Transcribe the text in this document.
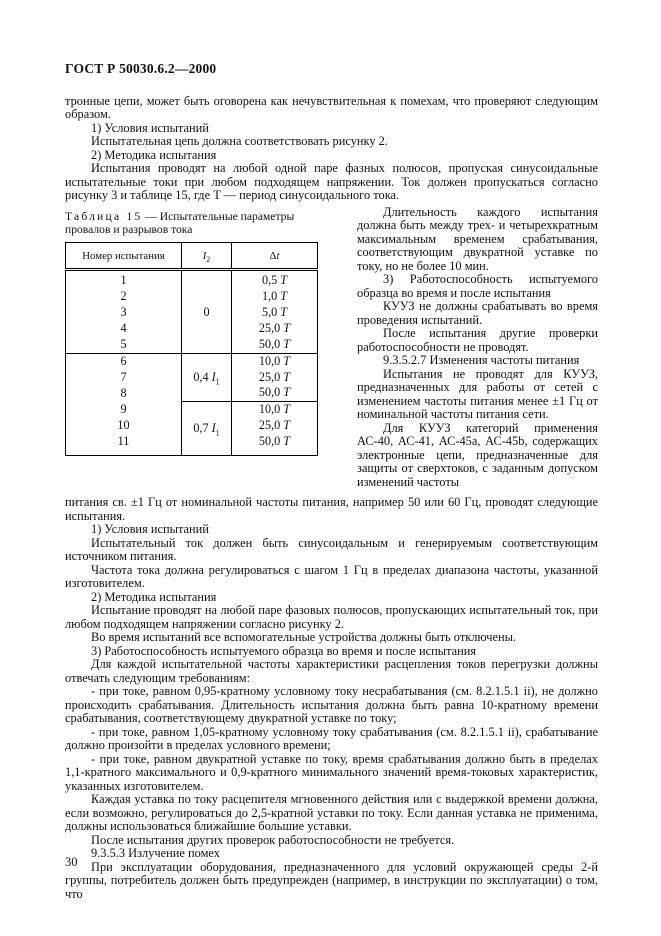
ГОСТ Р 50030.6.2—2000

тронные цепи, может быть оговорена как нечувствительная к помехам, что проверяют следующим образом.

1) Условия испытаний

Испытательная цепь должна соответствовать рисунку 2.

2) Методика испытания

Испытания проводят на любой одной паре фазных полюсов, пропуская синусоидальные испытательные токи при любом подходящем напряжении. Ток должен пропускаться согласно рисунку 3 и таблице 15, где T — период синусоидального тока.

Таблица 15 — Испытательные параметры провалов и разрывов тока

Номер испытания	$I_2$	Δt
1	0	0,5 T
2		1,0 T
3		5,0 T
4		25,0 T
5		50,0 T
6	0,4 $I_1$	10,0 T
7		25,0 T
8		50,0 T
9	0,7 $I_1$	10,0 T
10		25,0 T
11		50,0 T

Длительность каждого испытания должна быть между трех- и четырехкратным максимальным временем срабатывания, соответствующим двукратной уставке по току, но не более 10 мин.

3) Работоспособность испытуемого образца во время и после испытания

КУУЗ не должны срабатывать во время проведения испытаний.

После испытания другие проверки работоспособности не проводят.

9.3.5.2.7 Изменения частоты питания

Испытания не проводят для КУУЗ, предназначенных для работы от сетей с изменением частоты питания менее ±1 Гц от номинальной частоты питания сети.

Для КУУЗ категорий применения АС-40, АС-41, АС-45а, АС-45b, содержащих электронные цепи, предназначенные для защиты от сверхтоков, с заданным допуском изменений частоты

питания св. ±1 Гц от номинальной частоты питания, например 50 или 60 Гц, проводят следующие испытания.

1) Условия испытаний

Испытательный ток должен быть синусоидальным и генерируемым соответствующим источником питания.

Частота тока должна регулироваться с шагом 1 Гц в пределах диапазона частоты, указанной изготовителем.

2) Методика испытания

Испытание проводят на любой паре фазовых полюсов, пропускающих испытательный ток, при любом подходящем напряжении согласно рисунку 2.

Во время испытаний все вспомогательные устройства должны быть отключены.

3) Работоспособность испытуемого образца во время и после испытания

Для каждой испытательной частоты характеристики расцепления токов перегрузки должны отвечать следующим требованиям:

- при токе, равном 0,95-кратному условному току несрабатывания (см. 8.2.1.5.1 ii), не должно происходить срабатывания. Длительность испытания должна быть равна 10-кратному времени срабатывания, соответствующему двукратной уставке по току;

- при токе, равном 1,05-кратному условному току срабатывания (см. 8.2.1.5.1 ii), срабатывание должно произойти в пределах условного времени;

- при токе, равном двукратной уставке по току, время срабатывания должно быть в пределах 1,1-кратного максимального и 0,9-кратного минимального значений время-токовых характеристик, указанных изготовителем.

Каждая уставка по току расцепителя мгновенного действия или с выдержкой времени должна, если возможно, регулироваться до 2,5-кратной уставки по току. Если данная уставка не применима, должны использоваться ближайшие большие уставки.

После испытания других проверок работоспособности не требуется.

9.3.5.3 Излучение помех

При эксплуатации оборудования, предназначенного для условий окружающей среды 2-й группы, потребитель должен быть предупрежден (например, в инструкции по эксплуатации) о том, что

30
